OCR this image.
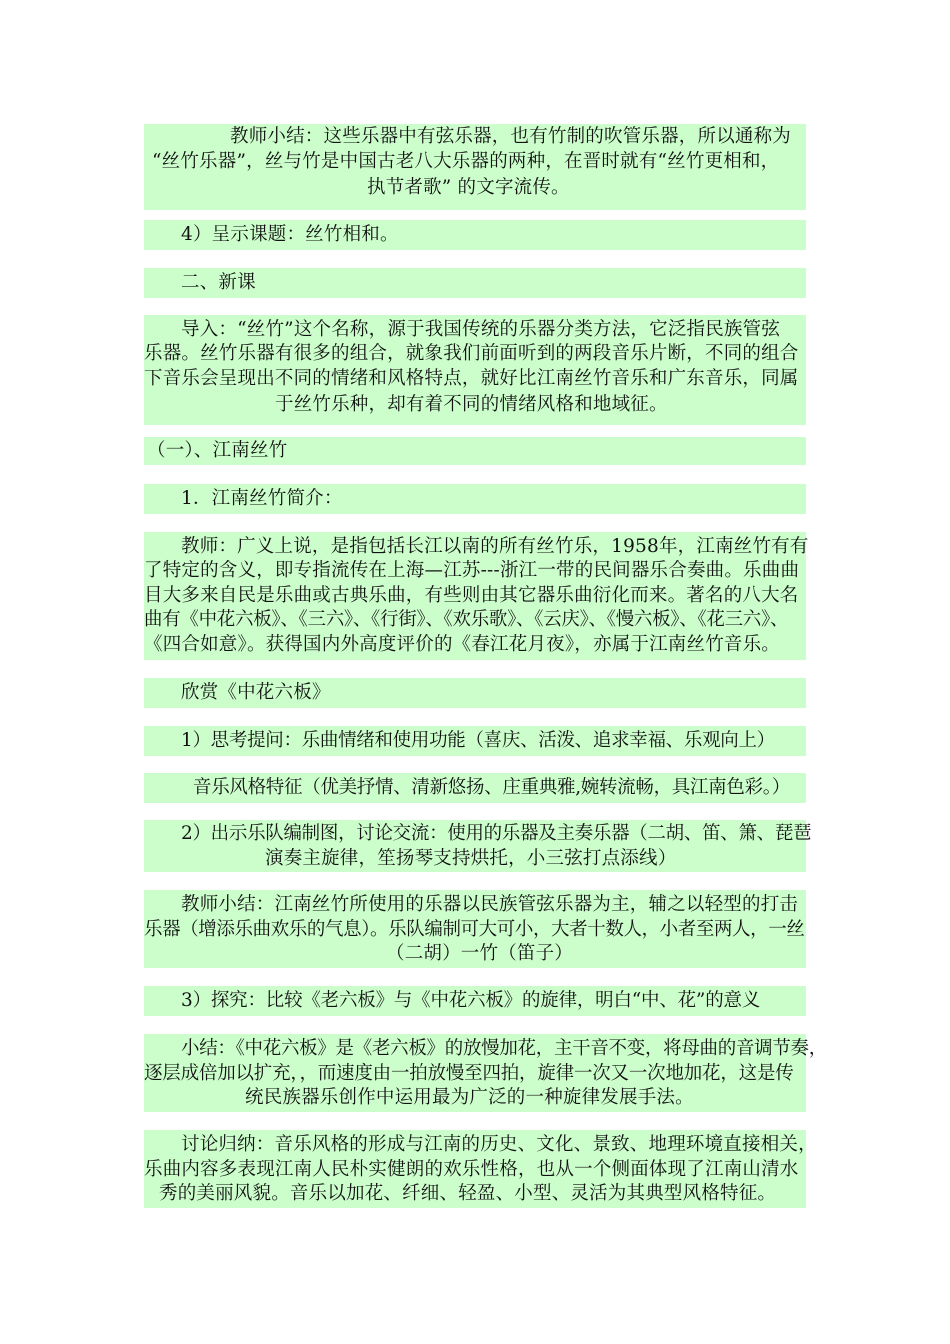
教师小结：这些乐器中有弦乐器，也有竹制的吹管乐器，所以通称为
“丝竹乐器”，丝与竹是中国古老八大乐器的两种，在晋时就有“丝竹更相和，
执节者歌” 的文字流传。
4）呈示课题：丝竹相和。
二、新课
导入：“丝竹”这个名称，源于我国传统的乐器分类方法，它泛指民族管弦
乐器。丝竹乐器有很多的组合，就象我们前面听到的两段音乐片断，不同的组合
下音乐会呈现出不同的情绪和风格特点，就好比江南丝竹音乐和广东音乐，同属
于丝竹乐种，却有着不同的情绪风格和地域征。
（一）、江南丝竹
1．江南丝竹简介：
教师：广义上说，是指包括长江以南的所有丝竹乐，1958年，江南丝竹有有
了特定的含义，即专指流传在上海—江苏---浙江一带的民间器乐合奏曲。乐曲曲
目大多来自民是乐曲或古典乐曲，有些则由其它器乐曲衍化而来。著名的八大名
曲有《中花六板》、《三六》、《行街》、《欢乐歌》、《云庆》、《慢六板》、《花三六》、
《四合如意》。获得国内外高度评价的《春江花月夜》，亦属于江南丝竹音乐。
欣赏《中花六板》
1）思考提问：乐曲情绪和使用功能（喜庆、活泼、追求幸福、乐观向上）
音乐风格特征（优美抒情、清新悠扬、庄重典雅,婉转流畅，具江南色彩。）
2）出示乐队编制图，讨论交流：使用的乐器及主奏乐器（二胡、笛、箫、琵琶
演奏主旋律，笙扬琴支持烘托，小三弦打点添线）
教师小结：江南丝竹所使用的乐器以民族管弦乐器为主，辅之以轻型的打击
乐器（增添乐曲欢乐的气息）。乐队编制可大可小，大者十数人，小者至两人，一丝
（二胡）一竹（笛子）
3）探究：比较《老六板》与《中花六板》的旋律，明白“中、花”的意义
小结：《中花六板》是《老六板》的放慢加花，主干音不变，将母曲的音调节奏，
逐层成倍加以扩充，，而速度由一拍放慢至四拍，旋律一次又一次地加花，这是传
统民族器乐创作中运用最为广泛的一种旋律发展手法。
讨论归纳：音乐风格的形成与江南的历史、文化、景致、地理环境直接相关，
乐曲内容多表现江南人民朴实健朗的欢乐性格，也从一个侧面体现了江南山清水
秀的美丽风貌。音乐以加花、纤细、轻盈、小型、灵活为其典型风格特征。
